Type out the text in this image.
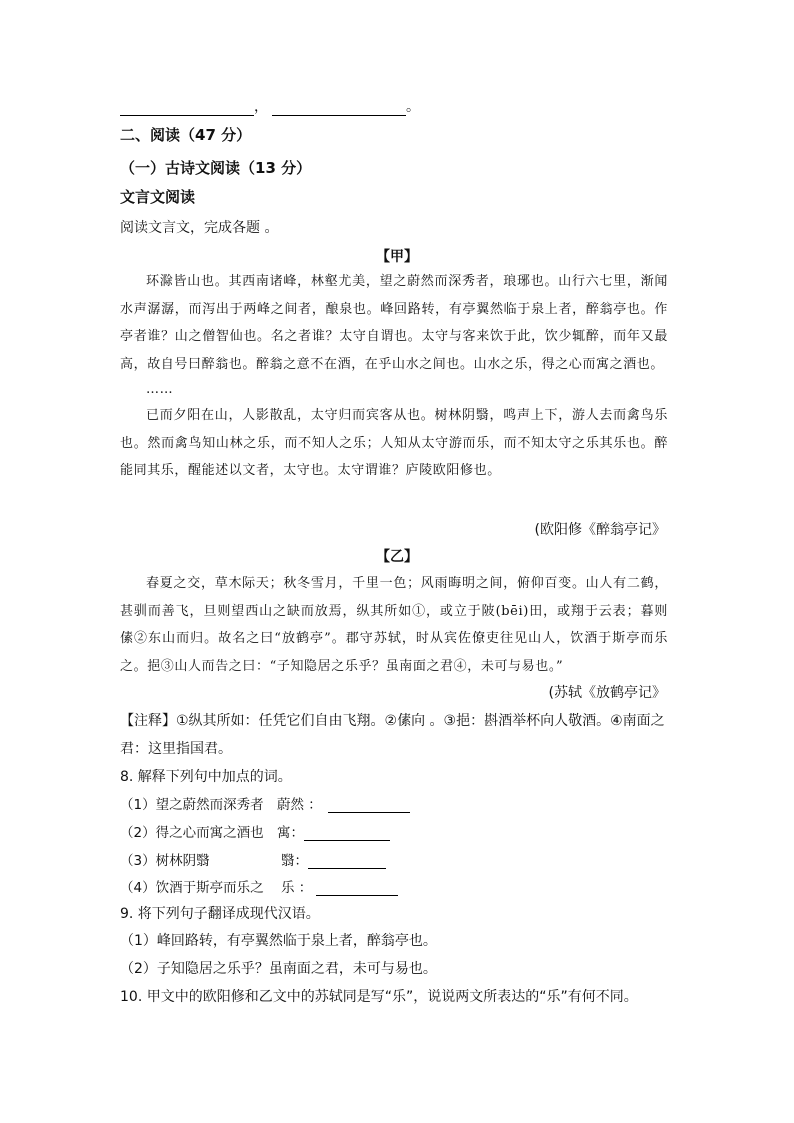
，	。
二、阅读（47 分）
（一）古诗文阅读（13 分）
文言文阅读
阅读文言文，完成各题 。
【甲】

环滁皆山也。其西南诸峰，林壑尤美，望之蔚然而深秀者，琅琊也。山行六七里，渐闻水声潺潺，而泻出于两峰之间者，酿泉也。峰回路转，有亭翼然临于泉上者，醉翁亭也。作亭者谁？山之僧智仙也。名之者谁？太守自谓也。太守与客来饮于此，饮少辄醉，而年又最高，故自号曰醉翁也。醉翁之意不在酒，在乎山水之间也。山水之乐，得之心而寓之酒也。

……

已而夕阳在山，人影散乱，太守归而宾客从也。树林阴翳，鸣声上下，游人去而禽鸟乐也。然而禽鸟知山林之乐，而不知人之乐；人知从太守游而乐，而不知太守之乐其乐也。醉能同其乐，醒能述以文者，太守也。太守谓谁？庐陵欧阳修也。

(欧阳修《醉翁亭记》
【乙】

春夏之交，草木际天；秋冬雪月，千里一色；风雨晦明之间，俯仰百变。山人有二鹤，甚驯而善飞，旦则望西山之缺而放焉，纵其所如①，或立于陂(bēi)田，或翔于云表；暮则傃②东山而归。故名之曰“放鹤亭”。郡守苏轼，时从宾佐僚吏往见山人，饮酒于斯亭而乐之。挹③山人而告之曰：“子知隐居之乐乎？虽南面之君④，未可与易也。”

(苏轼《放鹤亭记》
【注释】①纵其所如：任凭它们自由飞翔。②傃向 。③挹：斟酒举杯向人敬酒。④南面之
君：这里指国君。
8. 解释下列句中加点的词。
（1）望之蔚然而深秀者 蔚然 ：
（2）得之心而寓之酒也 寓：
（3）树林阴翳	翳：
（4）饮酒于斯亭而乐之 乐 ：
9. 将下列句子翻译成现代汉语。
（1）峰回路转，有亭翼然临于泉上者，醉翁亭也。
（2）子知隐居之乐乎？虽南面之君，未可与易也。
10. 甲文中的欧阳修和乙文中的苏轼同是写“乐”，说说两文所表达的“乐”有何不同。
